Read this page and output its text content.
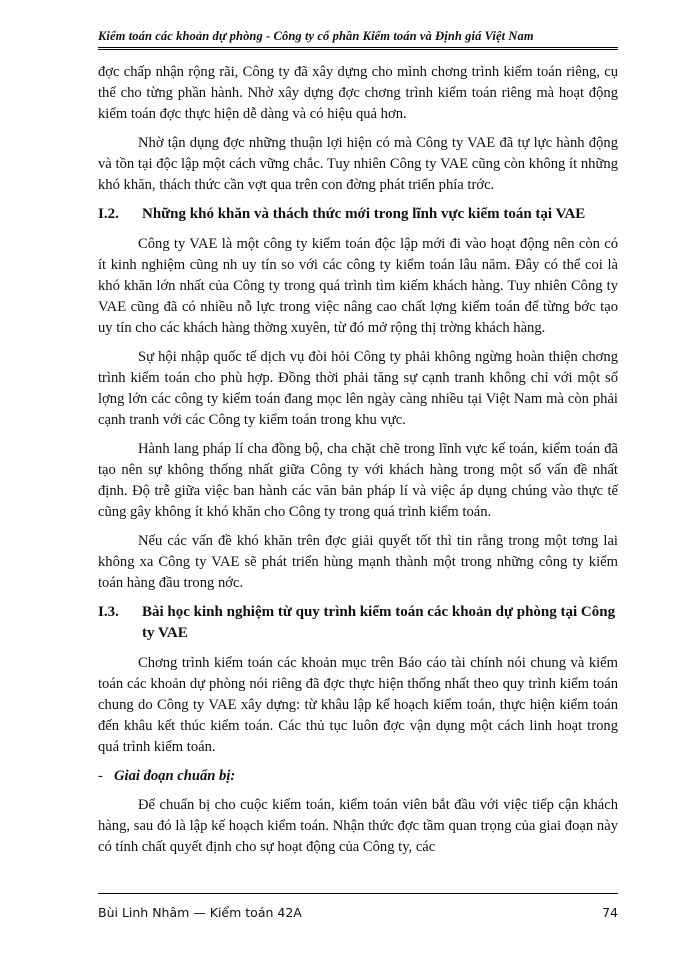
Kiểm toán các khoản dự phòng - Công ty cổ phần Kiểm toán và Định giá Việt Nam

đợc chấp nhận rộng rãi, Công ty đã xây dựng cho mình chơng trình kiểm toán riêng, cụ thể cho từng phần hành. Nhờ xây dựng đợc chơng trình kiểm toán riêng mà hoạt động kiểm toán đợc thực hiện dễ dàng và có hiệu quả hơn.

Nhờ tận dụng đợc những thuận lợi hiện có mà Công ty VAE đã tự lực hành động và tồn tại độc lập một cách vững chắc. Tuy nhiên Công ty VAE cũng còn không ít những khó khăn, thách thức cần vợt qua trên con đờng phát triển phía trớc.

I.2.	Những khó khăn và thách thức mới trong lĩnh vực kiểm toán tại VAE

Công ty VAE là một công ty kiểm toán độc lập mới đi vào hoạt động nên còn có ít kinh nghiệm cũng nh uy tín so với các công ty kiểm toán lâu năm. Đây có thể coi là khó khăn lớn nhất của Công ty trong quá trình tìm kiếm khách hàng. Tuy nhiên Công ty VAE cũng đã có nhiều nỗ lực trong việc nâng cao chất lợng kiểm toán để từng bớc tạo uy tín cho các khách hàng thờng xuyên, từ đó mở rộng thị trờng khách hàng.

Sự hội nhập quốc tế dịch vụ đòi hỏi Công ty phải không ngừng hoàn thiện chơng trình kiểm toán cho phù hợp. Đồng thời phải tăng sự cạnh tranh không chỉ với một số lợng lớn các công ty kiểm toán đang mọc lên ngày càng nhiều tại Việt Nam mà còn phải cạnh tranh với các Công ty kiểm toán trong khu vực.

Hành lang pháp lí cha đồng bộ, cha chặt chẽ trong lĩnh vực kế toán, kiểm toán đã tạo nên sự không thống nhất giữa Công ty với khách hàng trong một số vấn đề nhất định. Độ trễ giữa việc ban hành các văn bản pháp lí và việc áp dụng chúng vào thực tế cũng gây không ít khó khăn cho Công ty trong quá trình kiểm toán.

Nếu các vấn đề khó khăn trên đợc giải quyết tốt thì tin rằng trong một tơng lai không xa Công ty VAE sẽ phát triển hùng mạnh thành một trong những công ty kiểm toán hàng đầu trong nớc.

I.3.	Bài học kinh nghiệm từ quy trình kiểm toán các khoản dự phòng tại Công ty VAE

Chơng trình kiểm toán các khoản mục trên Báo cáo tài chính nói chung và kiểm toán các khoản dự phòng nói riêng đã đợc thực hiện thống nhất theo quy trình kiểm toán chung do Công ty VAE xây dựng: từ khâu lập kế hoạch kiểm toán, thực hiện kiểm toán đến khâu kết thúc kiểm toán. Các thủ tục luôn đợc vận dụng một cách linh hoạt trong quá trình kiểm toán.

- Giai đoạn chuẩn bị:

Để chuẩn bị cho cuộc kiểm toán, kiểm toán viên bắt đầu với việc tiếp cận khách hàng, sau đó là lập kế hoạch kiểm toán. Nhận thức đợc tầm quan trọng của giai đoạn này có tính chất quyết định cho sự hoạt động của Công ty, các

Bùi Linh Nhâm — Kiểm toán 42A	74
